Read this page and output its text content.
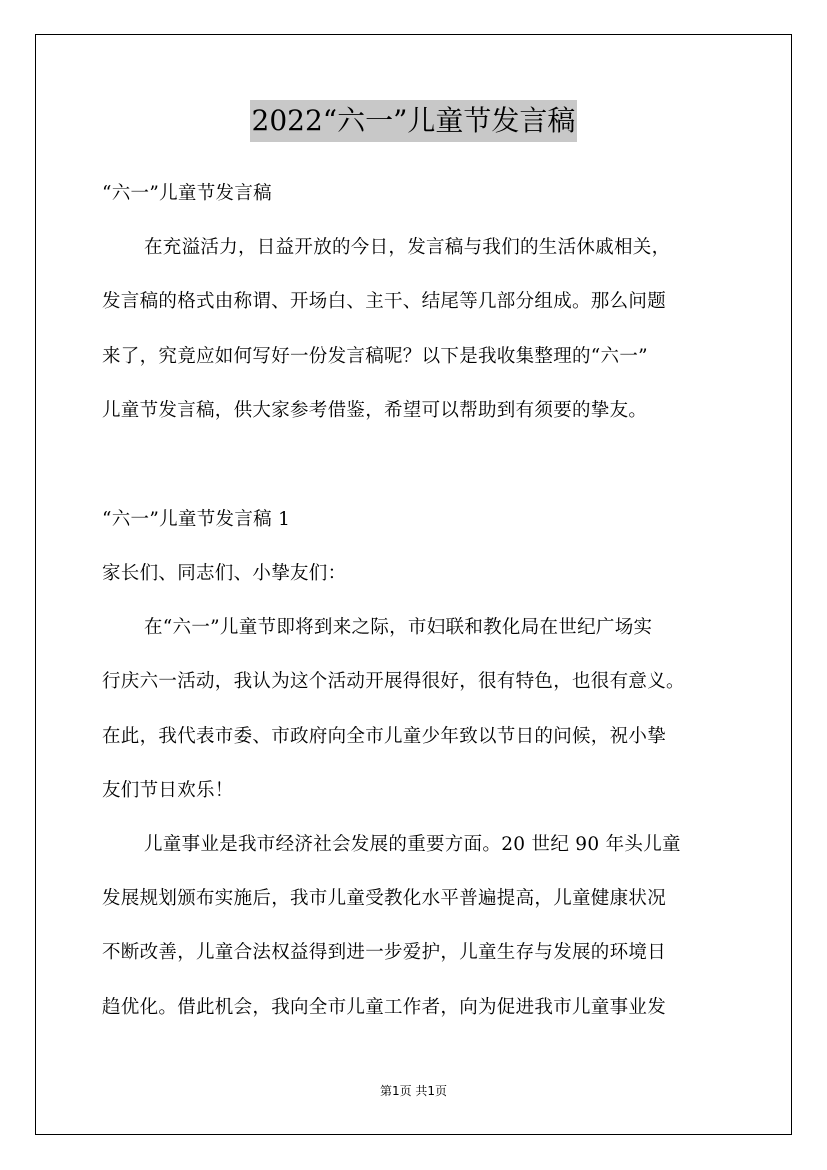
2022“六一”儿童节发言稿
“六一”儿童节发言稿
在充溢活力，日益开放的今日，发言稿与我们的生活休戚相关，
发言稿的格式由称谓、开场白、主干、结尾等几部分组成。那么问题
来了，究竟应如何写好一份发言稿呢？以下是我收集整理的“六一”
儿童节发言稿，供大家参考借鉴，希望可以帮助到有须要的挚友。
“六一”儿童节发言稿 1
家长们、同志们、小挚友们：
在“六一”儿童节即将到来之际，市妇联和教化局在世纪广场实
行庆六一活动，我认为这个活动开展得很好，很有特色，也很有意义。
在此，我代表市委、市政府向全市儿童少年致以节日的问候，祝小挚
友们节日欢乐！
儿童事业是我市经济社会发展的重要方面。20 世纪 90 年头儿童
发展规划颁布实施后，我市儿童受教化水平普遍提高，儿童健康状况
不断改善，儿童合法权益得到进一步爱护，儿童生存与发展的环境日
趋优化。借此机会，我向全市儿童工作者，向为促进我市儿童事业发
第1页 共1页
